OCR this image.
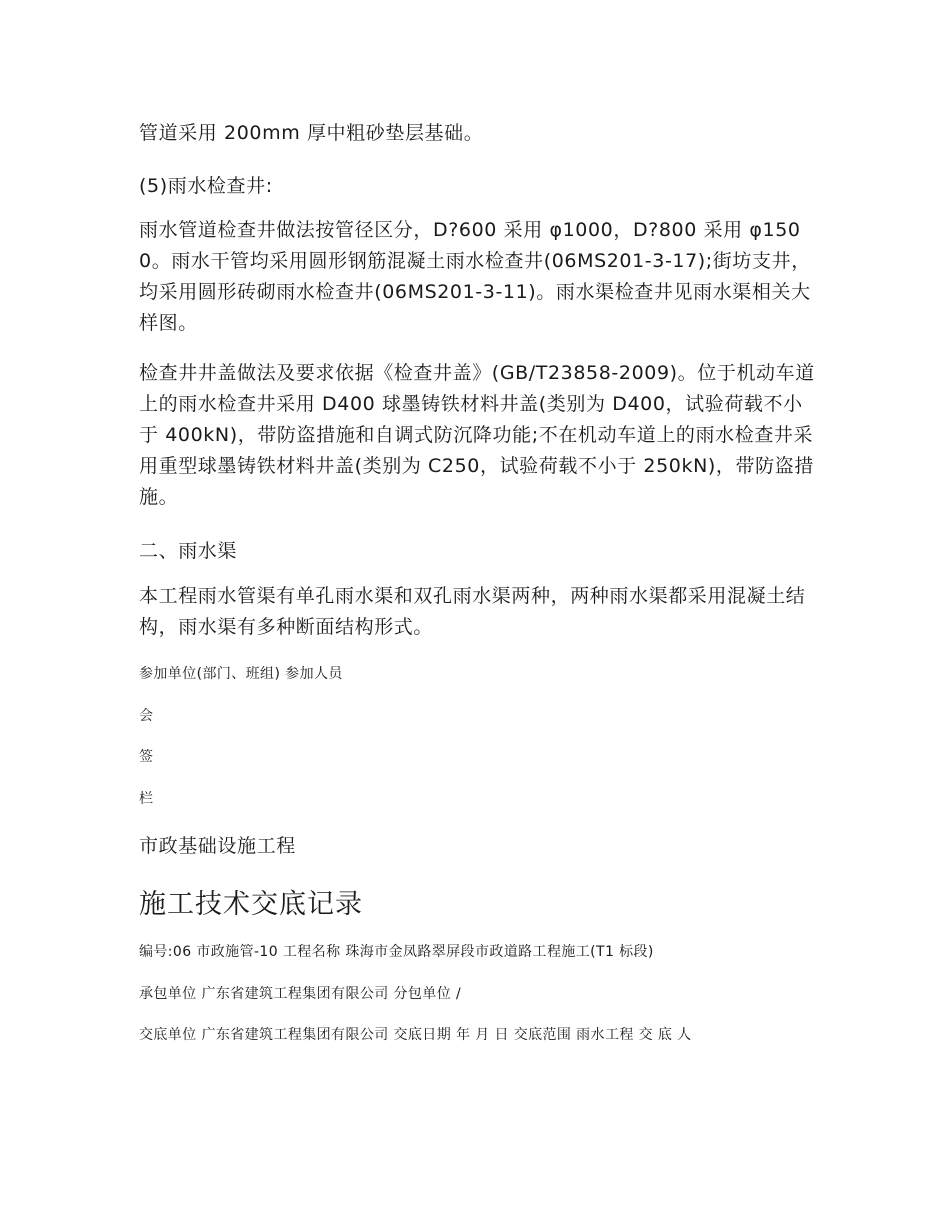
管道采用 200mm 厚中粗砂垫层基础。
(5)雨水检查井:
雨水管道检查井做法按管径区分，D?600 采用 φ1000，D?800 采用 φ1500。雨水干管均采用圆形钢筋混凝土雨水检查井(06MS201-3-17);街坊支井，均采用圆形砖砌雨水检查井(06MS201-3-11)。雨水渠检查井见雨水渠相关大样图。
检查井井盖做法及要求依据《检查井盖》(GB/T23858-2009)。位于机动车道上的雨水检查井采用 D400 球墨铸铁材料井盖(类别为 D400，试验荷载不小于 400kN)，带防盗措施和自调式防沉降功能;不在机动车道上的雨水检查井采用重型球墨铸铁材料井盖(类别为 C250，试验荷载不小于 250kN)，带防盗措施。
二、雨水渠
本工程雨水管渠有单孔雨水渠和双孔雨水渠两种，两种雨水渠都采用混凝土结构，雨水渠有多种断面结构形式。
参加单位(部门、班组) 参加人员
会
签
栏
市政基础设施工程
施工技术交底记录
编号:06 市政施管-10 工程名称 珠海市金凤路翠屏段市政道路工程施工(T1 标段)
承包单位 广东省建筑工程集团有限公司 分包单位 /
交底单位 广东省建筑工程集团有限公司 交底日期 年 月 日 交底范围 雨水工程 交 底 人
